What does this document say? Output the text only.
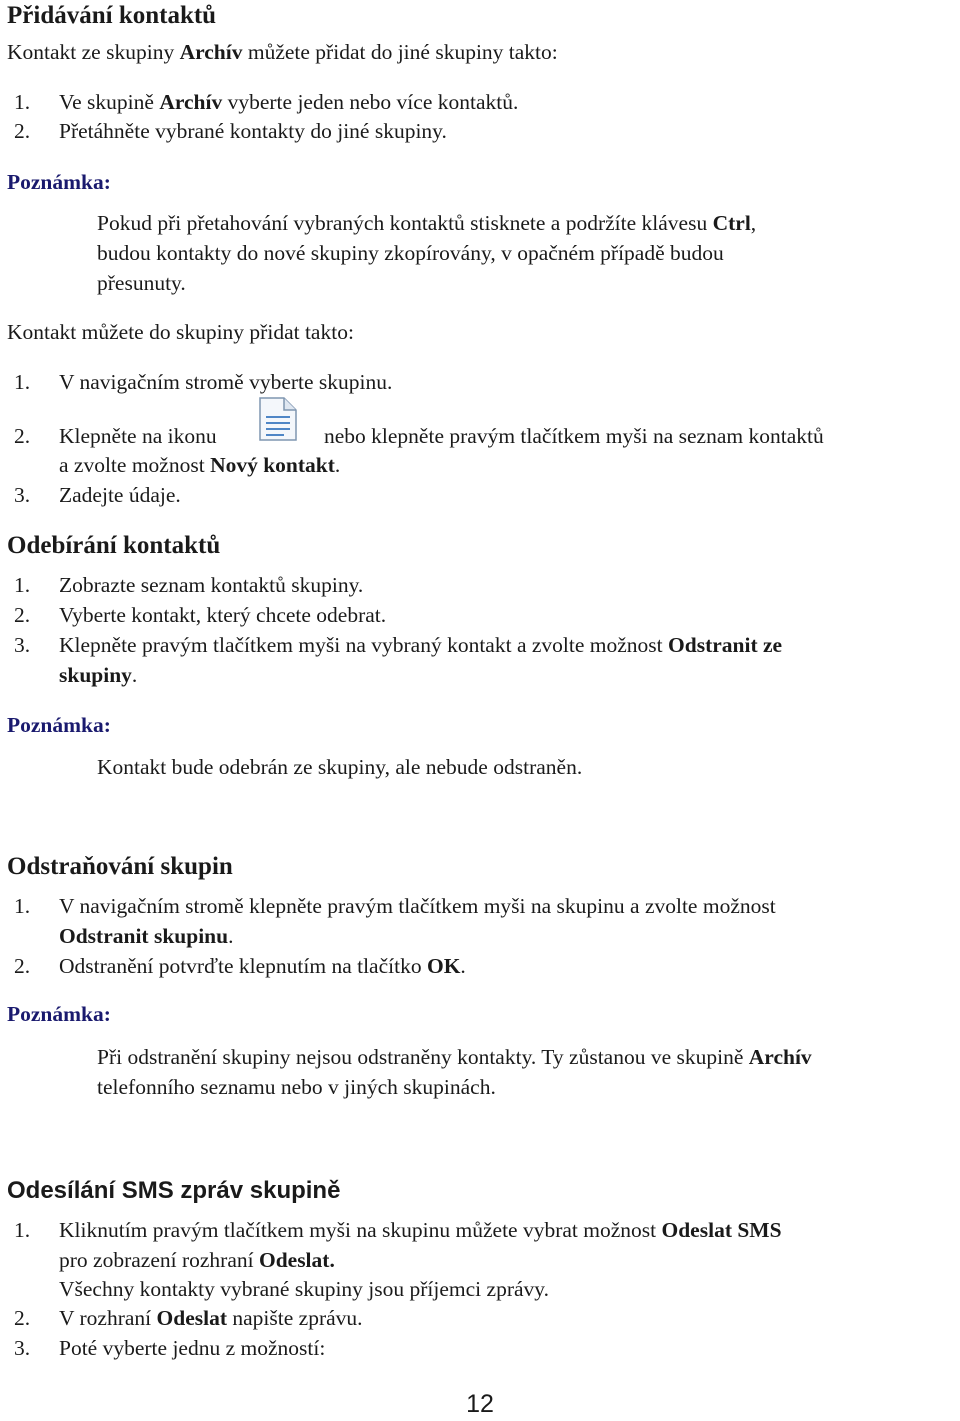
Přidávání kontaktů
Kontakt ze skupiny Archív můžete přidat do jiné skupiny takto:
1. Ve skupině Archív vyberte jeden nebo více kontaktů.
2. Přetáhněte vybrané kontakty do jiné skupiny.
Poznámka:
Pokud při přetahování vybraných kontaktů stisknete a podržíte klávesu Ctrl,
budou kontakty do nové skupiny zkopírovány, v opačném případě budou
přesunuty.
Kontakt můžete do skupiny přidat takto:
1. V navigačním stromě vyberte skupinu.
2. Klepněte na ikonu	nebo klepněte pravým tlačítkem myši na seznam kontaktů
a zvolte možnost Nový kontakt.
3. Zadejte údaje.
Odebírání kontaktů
1. Zobrazte seznam kontaktů skupiny.
2. Vyberte kontakt, který chcete odebrat.
3. Klepněte pravým tlačítkem myši na vybraný kontakt a zvolte možnost Odstranit ze
skupiny.
Poznámka:
Kontakt bude odebrán ze skupiny, ale nebude odstraněn.
Odstraňování skupin
1. V navigačním stromě klepněte pravým tlačítkem myši na skupinu a zvolte možnost
Odstranit skupinu.
2. Odstranění potvrďte klepnutím na tlačítko OK.
Poznámka:
Při odstranění skupiny nejsou odstraněny kontakty. Ty zůstanou ve skupině Archív
telefonního seznamu nebo v jiných skupinách.
Odesílání SMS zpráv skupině
1. Kliknutím pravým tlačítkem myši na skupinu můžete vybrat možnost Odeslat SMS
pro zobrazení rozhraní Odeslat.
Všechny kontakty vybrané skupiny jsou příjemci zprávy.
2. V rozhraní Odeslat napište zprávu.
3. Poté vyberte jednu z možností:
12
